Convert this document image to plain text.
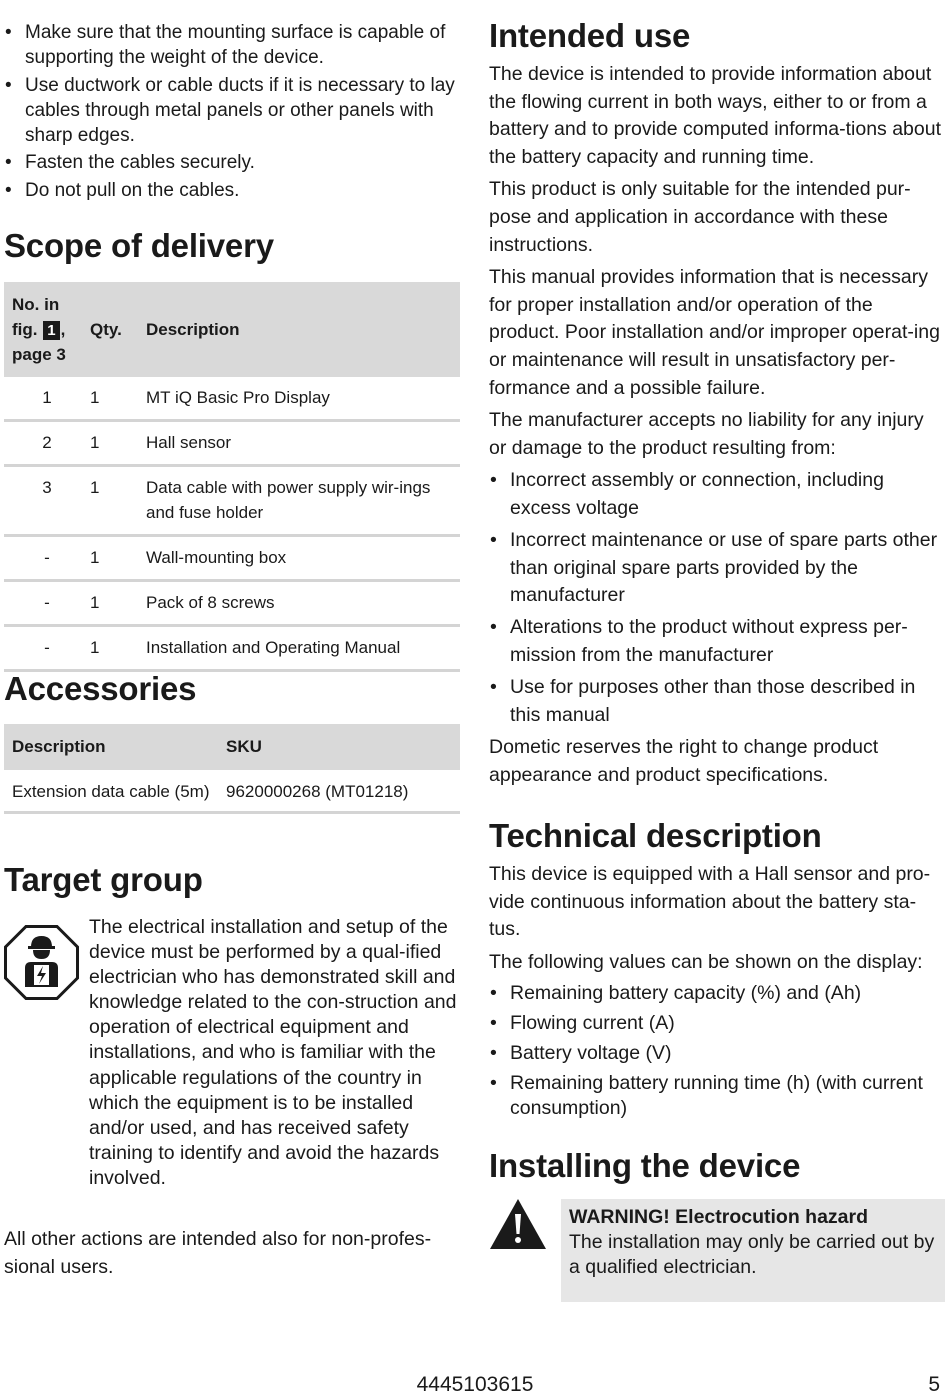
• Make sure that the mounting surface is capable of supporting the weight of the device.
• Use ductwork or cable ducts if it is necessary to lay cables through metal panels or other panels with sharp edges.
• Fasten the cables securely.
• Do not pull on the cables.
Scope of delivery
No. in fig. 1 , page 3	Qty.	Description
1	1	MT iQ Basic Pro Display
2	1	Hall sensor
3	1	Data cable with power supply wir-ings and fuse holder
-	1	Wall-mounting box
-	1	Pack of 8 screws
-	1	Installation and Operating Manual
Accessories
Description	SKU
Extension data cable (5m)	9620000268 (MT01218)
Target group
The electrical installation and setup of the device must be performed by a qual-ified electrician who has demonstrated skill and knowledge related to the con-struction and operation of electrical equipment and installations, and who is familiar with the applicable regulations of the country in which the equipment is to be installed and/or used, and has received safety training to identify and avoid the hazards involved.

All other actions are intended also for non-profes-sional users.

Intended use

The device is intended to provide information about the flowing current in both ways, either to or from a battery and to provide computed informa-tions about the battery capacity and running time.

This product is only suitable for the intended pur-pose and application in accordance with these instructions.

This manual provides information that is necessary for proper installation and/or operation of the product. Poor installation and/or improper operat-ing or maintenance will result in unsatisfactory per-formance and a possible failure.

The manufacturer accepts no liability for any injury or damage to the product resulting from:

• Incorrect assembly or connection, including excess voltage
• Incorrect maintenance or use of spare parts other than original spare parts provided by the manufacturer
• Alterations to the product without express per-mission from the manufacturer
• Use for purposes other than those described in this manual

Dometic reserves the right to change product appearance and product specifications.

Technical description

This device is equipped with a Hall sensor and pro-vide continuous information about the battery sta-tus.

The following values can be shown on the display:

• Remaining battery capacity (%) and (Ah)
• Flowing current (A)
• Battery voltage (V)
• Remaining battery running time (h) (with current consumption)
Installing the device
WARNING! Electrocution hazard
The installation may only be carried out by a qualified electrician.
4445103615	5
